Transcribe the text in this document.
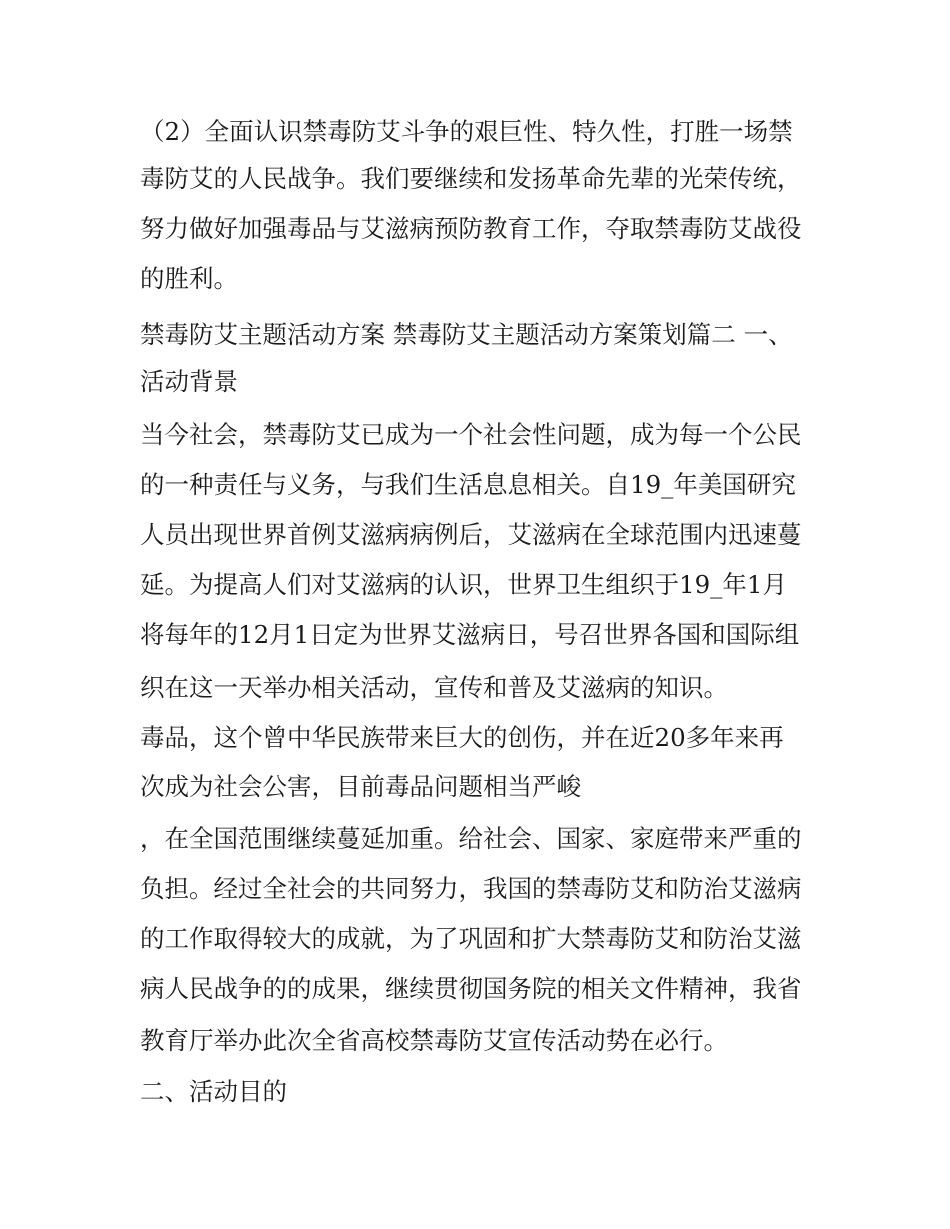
（2）全面认识禁毒防艾斗争的艰巨性、特久性，打胜一场禁
毒防艾的人民战争。我们要继续和发扬革命先辈的光荣传统，
努力做好加强毒品与艾滋病预防教育工作，夺取禁毒防艾战役
的胜利。
禁毒防艾主题活动方案 禁毒防艾主题活动方案策划篇二 一、
活动背景
当今社会，禁毒防艾已成为一个社会性问题，成为每一个公民
的一种责任与义务，与我们生活息息相关。自19_年美国研究
人员出现世界首例艾滋病病例后，艾滋病在全球范围内迅速蔓
延。为提高人们对艾滋病的认识，世界卫生组织于19_年1月
将每年的12月1日定为世界艾滋病日，号召世界各国和国际组
织在这一天举办相关活动，宣传和普及艾滋病的知识。
毒品，这个曾中华民族带来巨大的创伤，并在近20多年来再
次成为社会公害，目前毒品问题相当严峻
，在全国范围继续蔓延加重。给社会、国家、家庭带来严重的
负担。经过全社会的共同努力，我国的禁毒防艾和防治艾滋病
的工作取得较大的成就，为了巩固和扩大禁毒防艾和防治艾滋
病人民战争的的成果，继续贯彻国务院的相关文件精神，我省
教育厅举办此次全省高校禁毒防艾宣传活动势在必行。
二、活动目的
